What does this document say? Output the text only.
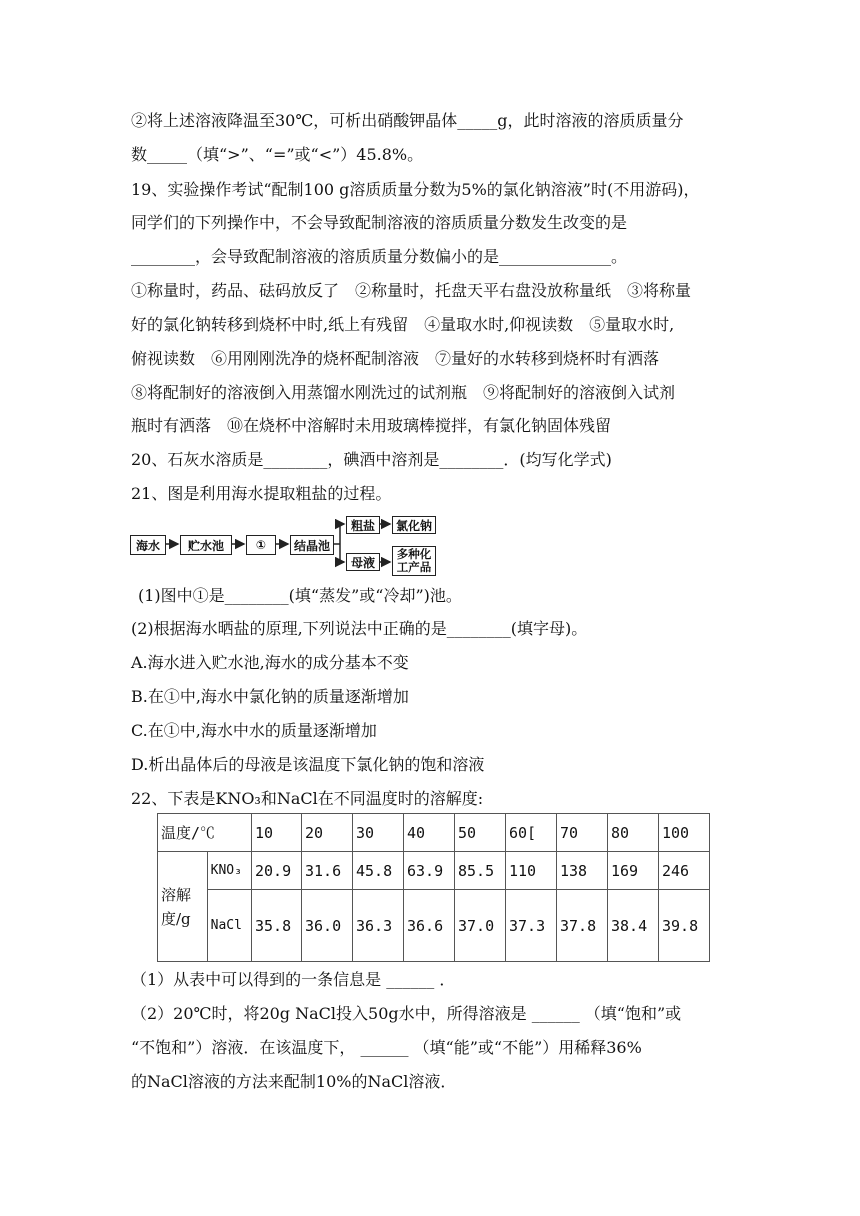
②将上述溶液降温至30℃，可析出硝酸钾晶体_____g，此时溶液的溶质质量分
数_____（填“>”、“=”或“<”）45.8%。
19、实验操作考试“配制100 g溶质质量分数为5%的氯化钠溶液”时(不用游码)，
同学们的下列操作中，不会导致配制溶液的溶质质量分数发生改变的是
________，会导致配制溶液的溶质质量分数偏小的是______________。
①称量时，药品、砝码放反了　②称量时，托盘天平右盘没放称量纸　③将称量
好的氯化钠转移到烧杯中时,纸上有残留　④量取水时,仰视读数　⑤量取水时,
俯视读数　⑥用刚刚洗净的烧杯配制溶液　⑦量好的水转移到烧杯时有洒落
⑧将配制好的溶液倒入用蒸馏水刚洗过的试剂瓶　⑨将配制好的溶液倒入试剂
瓶时有洒落　⑩在烧杯中溶解时未用玻璃棒搅拌，有氯化钠固体残留
20、石灰水溶质是________，碘酒中溶剂是________．(均写化学式)
21、图是利用海水提取粗盐的过程。
海水	贮水池	①	结晶池
粗盐	氯化钠
母液
多种化工产品
(1)图中①是________(填“蒸发”或“冷却”)池。
(2)根据海水晒盐的原理,下列说法中正确的是________(填字母)。
A.海水进入贮水池,海水的成分基本不变
B.在①中,海水中氯化钠的质量逐渐增加
C.在①中,海水中水的质量逐渐增加
D.析出晶体后的母液是该温度下氯化钠的饱和溶液
22、下表是KNO₃和NaCl在不同温度时的溶解度:
温度/℃		10	20	30	40	50	60[	70	80	100
溶解度/g	KNO₃	20.9	31.6	45.8	63.9	85.5	110	138	169	246
	NaCl	35.8	36.0	36.3	36.6	37.0	37.3	37.8	38.4	39.8
（1）从表中可以得到的一条信息是 ______ ．
（2）20℃时，将20g NaCl投入50g水中，所得溶液是 ______ （填“饱和”或
“不饱和”）溶液．在该温度下， ______ （填“能”或“不能”）用稀释36%
的NaCl溶液的方法来配制10%的NaCl溶液．
